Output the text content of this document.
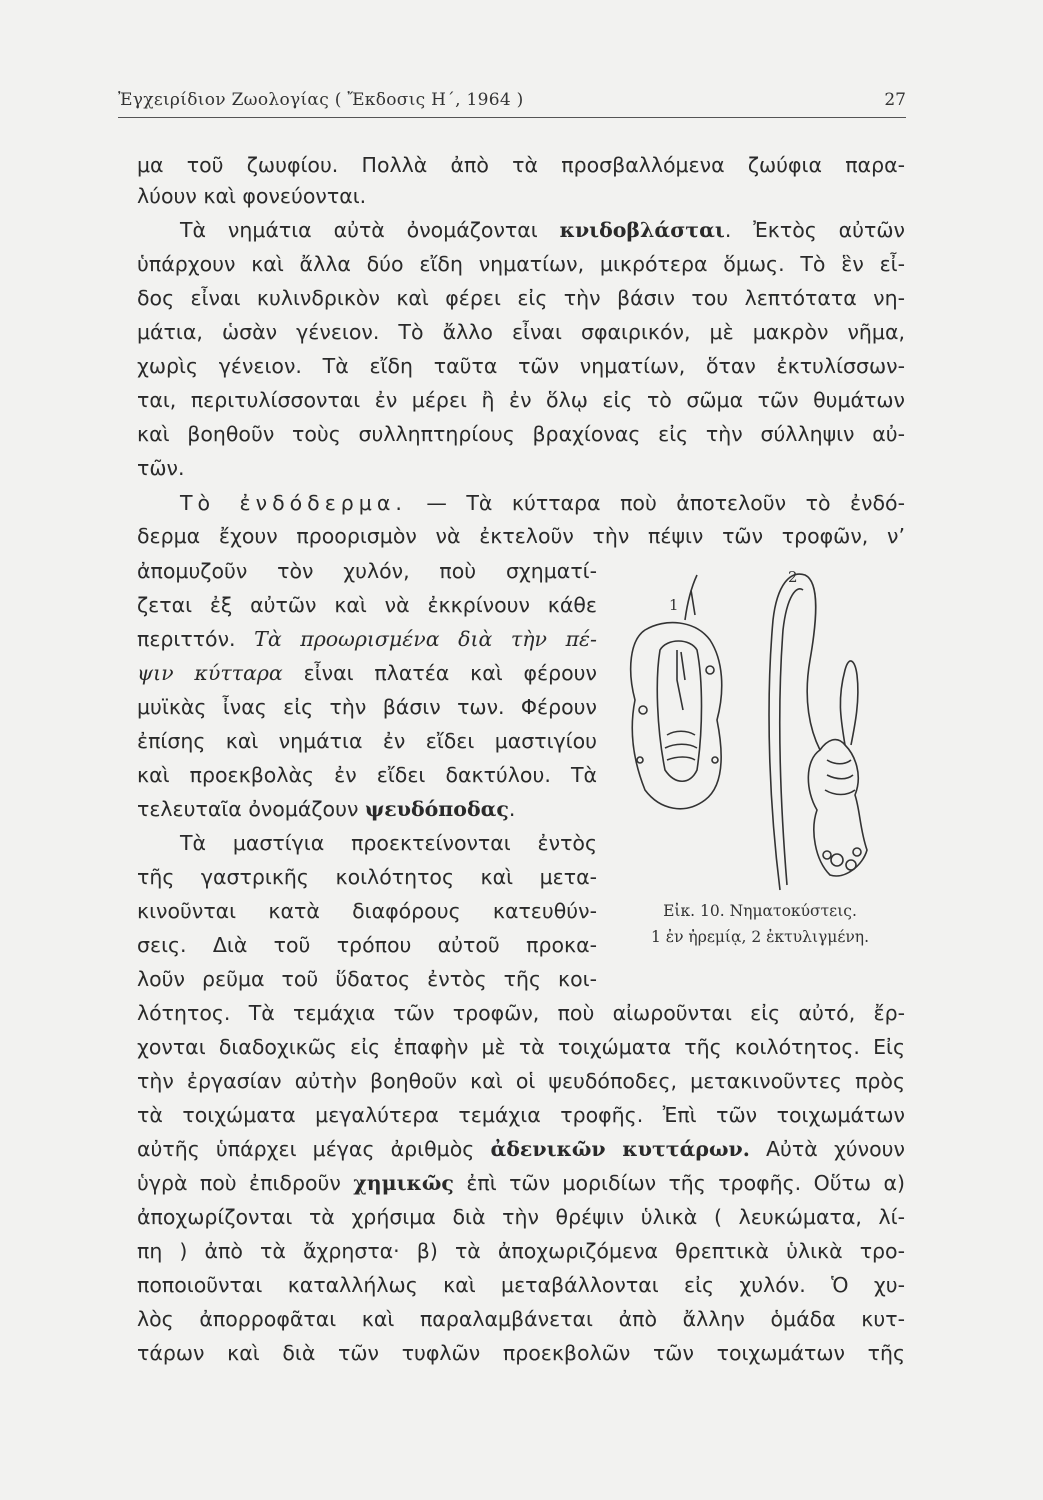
Ἐγχειρίδιον Ζωολογίας ( Ἔκδοσις Η΄, 1964 )	27
μα τοῦ ζωυφίου. Πολλὰ ἀπὸ τὰ προσβαλλόμενα ζωύφια παρα-
λύουν καὶ φονεύονται.
Τὰ νημάτια αὐτὰ ὀνομάζονται κνιδοβλάσται. Ἐκτὸς αὐτῶν
ὑπάρχουν καὶ ἄλλα δύο εἴδη νηματίων, μικρότερα ὅμως. Τὸ ἓν εἶ-
δος εἶναι κυλινδρικὸν καὶ φέρει εἰς τὴν βάσιν του λεπτότατα νη-
μάτια, ὡσὰν γένειον. Τὸ ἄλλο εἶναι σφαιρικόν, μὲ μακρὸν νῆμα,
χωρὶς γένειον. Τὰ εἴδη ταῦτα τῶν νηματίων, ὅταν ἐκτυλίσσων-
ται, περιτυλίσσονται ἐν μέρει ἢ ἐν ὅλῳ εἰς τὸ σῶμα τῶν θυμάτων
καὶ βοηθοῦν τοὺς συλληπτηρίους βραχίονας εἰς τὴν σύλληψιν αὐ-
τῶν.
Τὸ ἐνδόδερμα. — Τὰ κύτταρα ποὺ ἀποτελοῦν τὸ ἐνδό-
δερμα ἔχουν προορισμὸν νὰ ἐκτελοῦν τὴν πέψιν τῶν τροφῶν, ν’
ἀπομυζοῦν τὸν χυλόν, ποὺ σχηματί-
ζεται ἐξ αὐτῶν καὶ νὰ ἐκκρίνουν κάθε
περιττόν. Τὰ προωρισμένα διὰ τὴν πέ-
ψιν κύτταρα εἶναι πλατέα καὶ φέρουν
μυϊκὰς ἶνας εἰς τὴν βάσιν των. Φέρουν
ἐπίσης καὶ νημάτια ἐν εἴδει μαστιγίου
καὶ προεκβολὰς ἐν εἴδει δακτύλου. Τὰ
τελευταῖα ὀνομάζουν ψευδόποδας.
Τὰ μαστίγια προεκτείνονται ἐντὸς
τῆς γαστρικῆς κοιλότητος καὶ μετα-
κινοῦνται κατὰ διαφόρους κατευθύν-
σεις. Διὰ τοῦ τρόπου αὐτοῦ προκα-
λοῦν ρεῦμα τοῦ ὕδατος ἐντὸς τῆς κοι-
λότητος. Τὰ τεμάχια τῶν τροφῶν, ποὺ αἰωροῦνται εἰς αὐτό, ἔρ-
χονται διαδοχικῶς εἰς ἐπαφὴν μὲ τὰ τοιχώματα τῆς κοιλότητος. Εἰς
τὴν ἐργασίαν αὐτὴν βοηθοῦν καὶ οἱ ψευδόποδες, μετακινοῦντες πρὸς
τὰ τοιχώματα μεγαλύτερα τεμάχια τροφῆς. Ἐπὶ τῶν τοιχωμάτων
αὐτῆς ὑπάρχει μέγας ἀριθμὸς ἀδενικῶν κυττάρων. Αὐτὰ χύνουν
ὑγρὰ ποὺ ἐπιδροῦν χημικῶς ἐπὶ τῶν μοριδίων τῆς τροφῆς. Οὕτω α)
ἀποχωρίζονται τὰ χρήσιμα διὰ τὴν θρέψιν ὑλικὰ ( λευκώματα, λί-
πη ) ἀπὸ τὰ ἄχρηστα· β) τὰ ἀποχωριζόμενα θρεπτικὰ ὑλικὰ τρο-
ποποιοῦνται καταλλήλως καὶ μεταβάλλονται εἰς χυλόν. Ὁ χυ-
λὸς ἀπορροφᾶται καὶ παραλαμβάνεται ἀπὸ ἄλλην ὁμάδα κυτ-
τάρων καὶ διὰ τῶν τυφλῶν προεκβολῶν τῶν τοιχωμάτων τῆς
1
2
Εἰκ. 10. Νηματοκύστεις.
1 ἐν ἠρεμίᾳ, 2 ἐκτυλιγμένη.
